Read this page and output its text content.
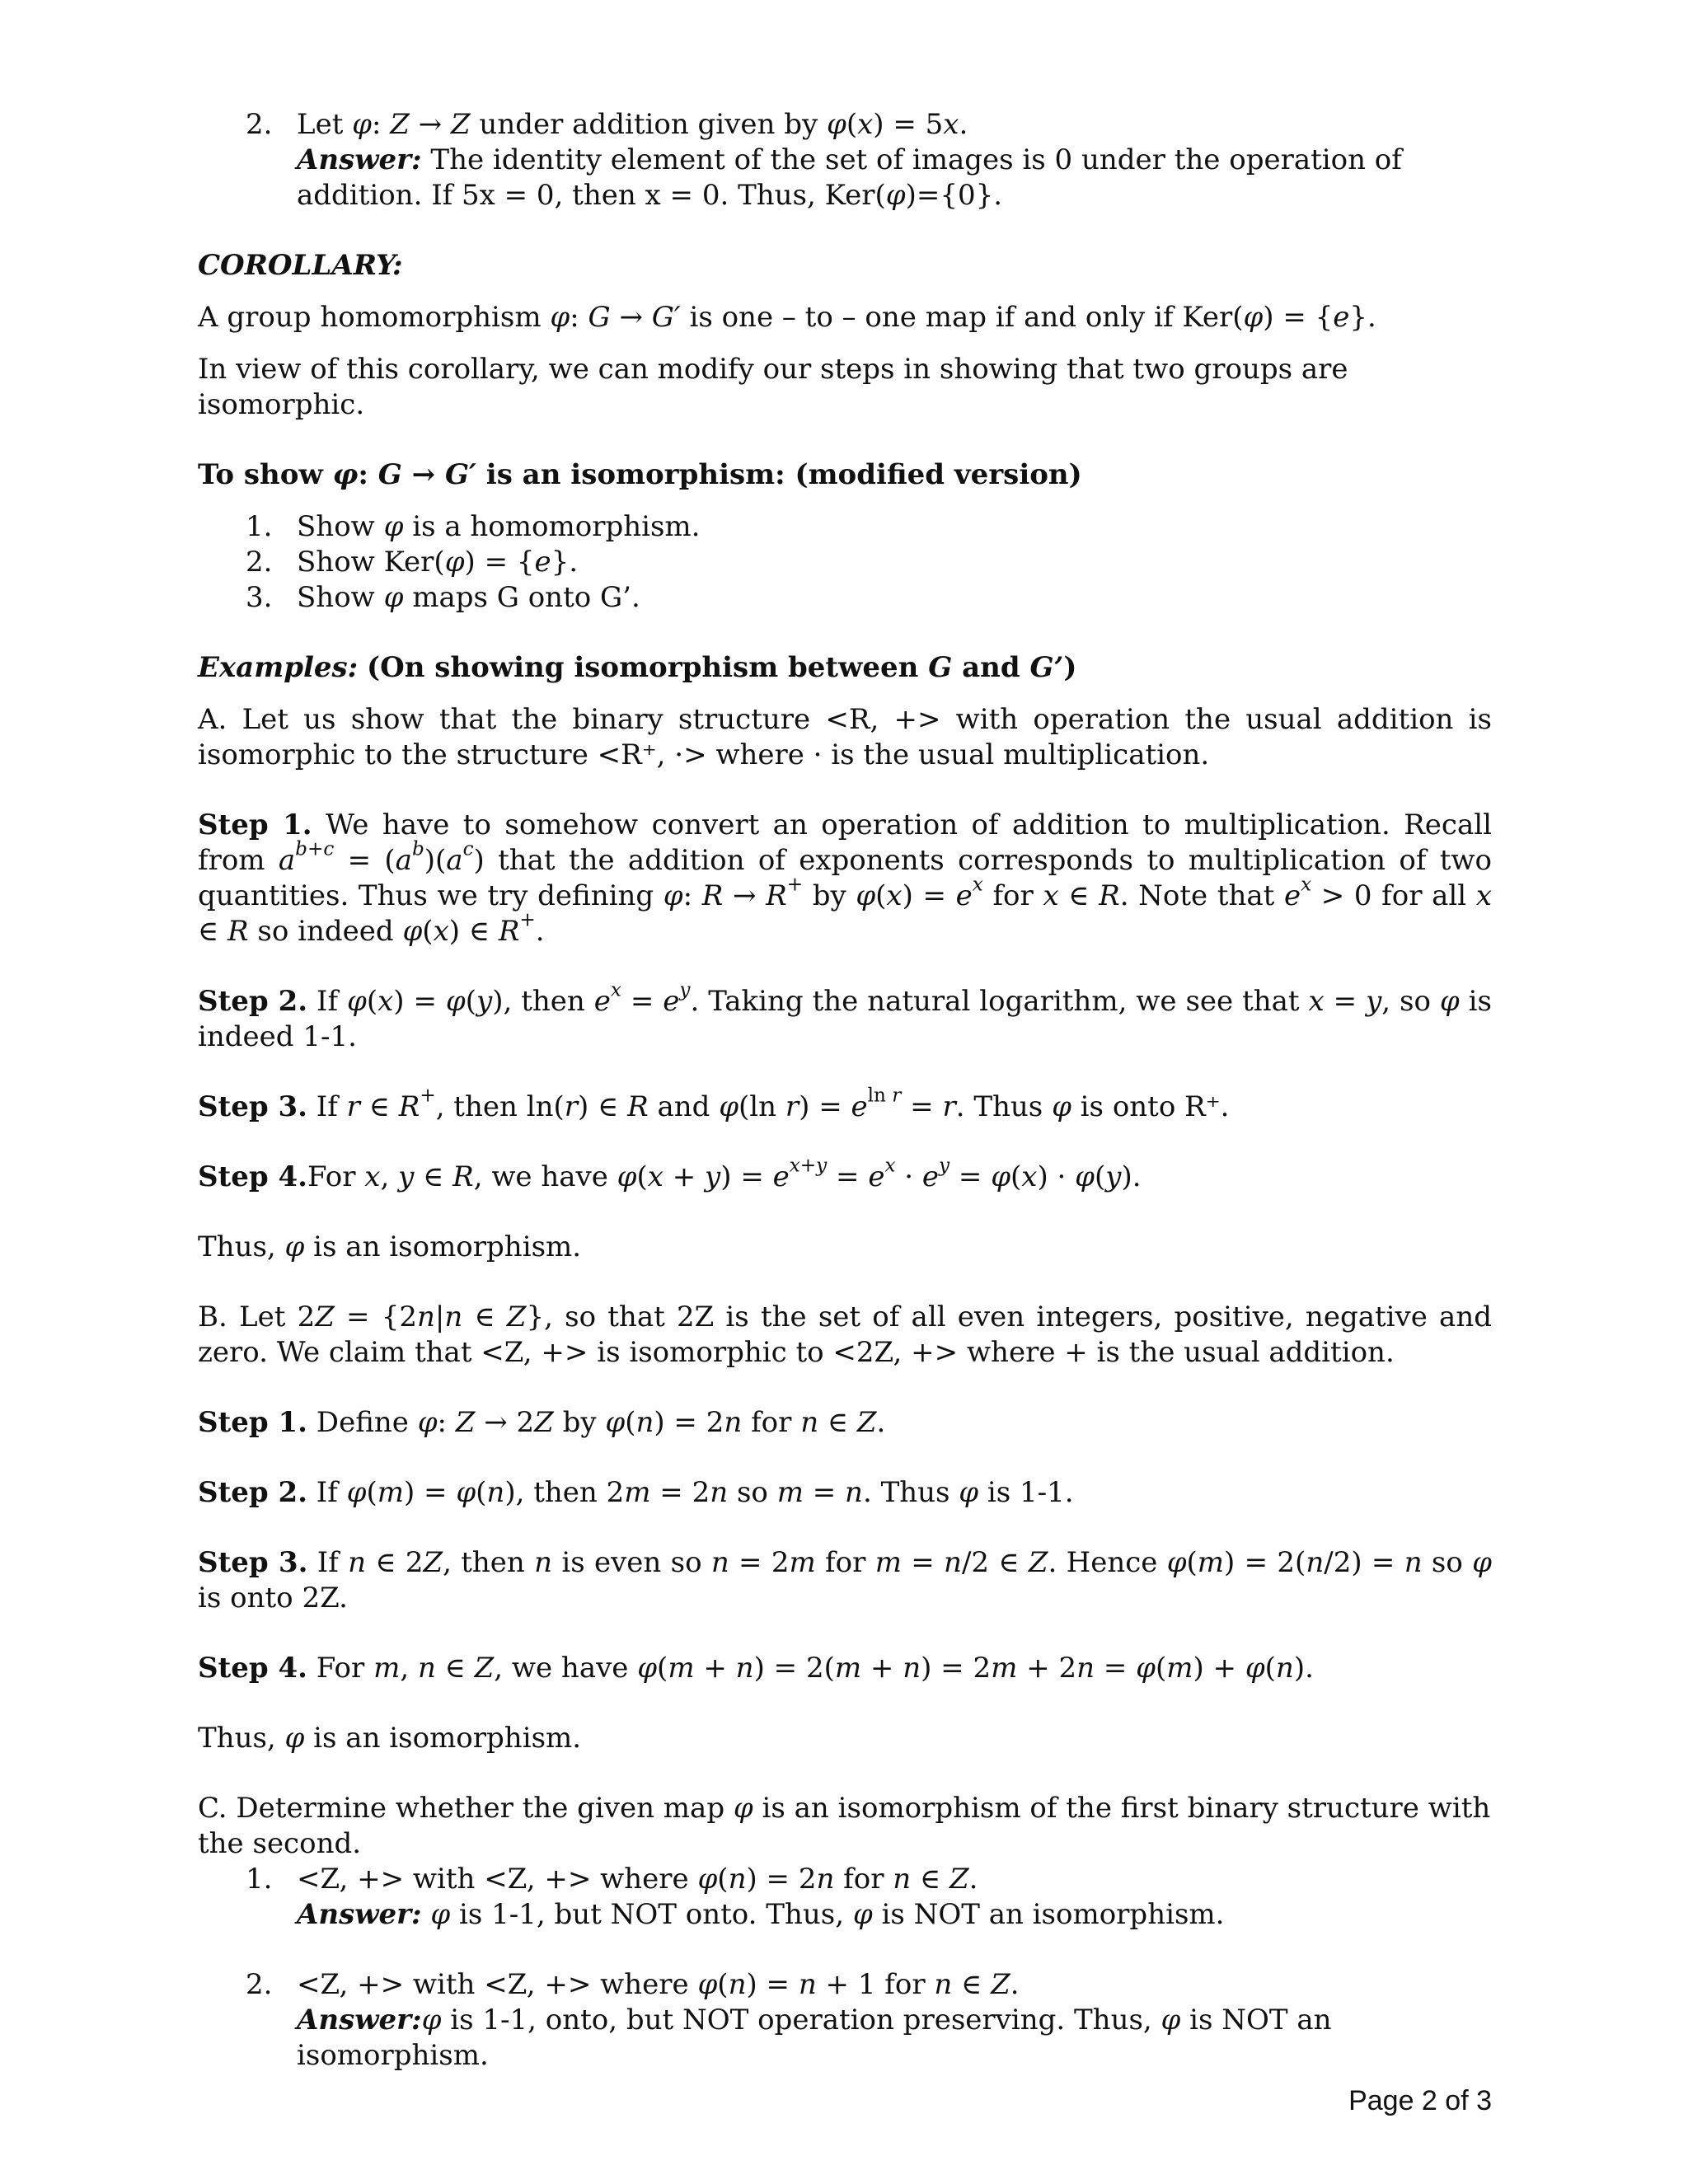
2. Let φ: Z → Z under addition given by φ(x) = 5x.
Answer: The identity element of the set of images is 0 under the operation of addition. If 5x = 0, then x = 0. Thus, Ker(φ)={0}.
COROLLARY:
A group homomorphism φ: G → G′ is one – to – one map if and only if Ker(φ) = {e}.
In view of this corollary, we can modify our steps in showing that two groups are isomorphic.
To show φ: G → G′ is an isomorphism: (modified version)
1. Show φ is a homomorphism.
2. Show Ker(φ) = {e}.
3. Show φ maps G onto G’.
Examples: (On showing isomorphism between G and G’)
A. Let us show that the binary structure <R, +> with operation the usual addition is isomorphic to the structure <R⁺, ·> where · is the usual multiplication.
Step 1. We have to somehow convert an operation of addition to multiplication. Recall from $a^{b+c} = (a^b)(a^c)$ that the addition of exponents corresponds to multiplication of two quantities. Thus we try defining φ: R → R+ by $\varphi(x) = e^x$ for x ∈ R. Note that $e^x > 0$ for all x ∈ R so indeed φ(x) ∈ R+.
Step 2. If φ(x) = φ(y), then $e^x = e^y$. Taking the natural logarithm, we see that x = y, so φ is indeed 1-1.
Step 3. If r ∈ R+, then ln(r) ∈ R and φ(ln $r) = e^{ln r} = r$. Thus φ is onto R⁺.
Step 4.For x, y ∈ R, we have $\varphi(x + y) = e^{x+y} = e^x \cdot e^y = \varphi(x) \cdot \varphi(y)$.
Thus, φ is an isomorphism.
B. Let 2Z = {2n|n ∈ Z}, so that 2Z is the set of all even integers, positive, negative and zero. We claim that <Z, +> is isomorphic to <2Z, +> where + is the usual addition.
Step 1. Define φ: Z → 2Z by φ(n) = 2n for n ∈ Z.
Step 2. If φ(m) = φ(n), then 2m = 2n so m = n. Thus φ is 1-1.
Step 3. If n ∈ 2Z, then n is even so n = 2m for m = n/2 ∈ Z. Hence φ(m) = 2(n/2) = n so φ is onto 2Z.
Step 4. For m, n ∈ Z, we have φ(m + n) = 2(m + n) = 2m + 2n = φ(m) + φ(n).
Thus, φ is an isomorphism.
C. Determine whether the given map φ is an isomorphism of the first binary structure with the second.
1. <Z, +> with <Z, +> where φ(n) = 2n for n ∈ Z.
Answer: φ is 1-1, but NOT onto. Thus, φ is NOT an isomorphism.
2. <Z, +> with <Z, +> where φ(n) = n + 1 for n ∈ Z.
Answer:φ is 1-1, onto, but NOT operation preserving. Thus, φ is NOT an isomorphism.
Page 2 of 3
